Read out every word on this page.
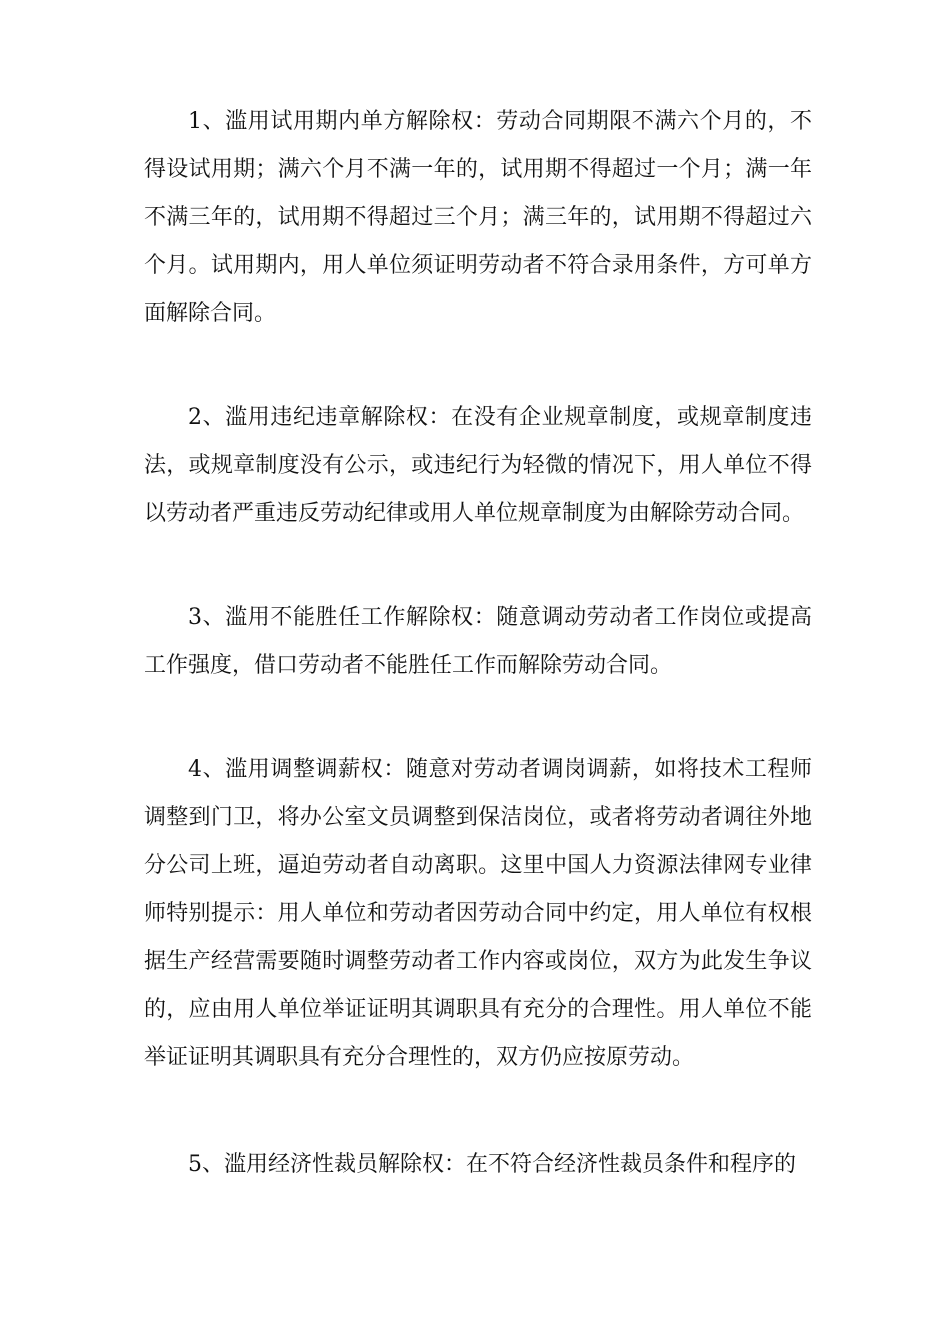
1、滥用试用期内单方解除权：劳动合同期限不满六个月的，不得设试用期；满六个月不满一年的，试用期不得超过一个月；满一年不满三年的，试用期不得超过三个月；满三年的，试用期不得超过六个月。试用期内，用人单位须证明劳动者不符合录用条件，方可单方面解除合同。

2、滥用违纪违章解除权：在没有企业规章制度，或规章制度违法，或规章制度没有公示，或违纪行为轻微的情况下，用人单位不得以劳动者严重违反劳动纪律或用人单位规章制度为由解除劳动合同。

3、滥用不能胜任工作解除权：随意调动劳动者工作岗位或提高工作强度，借口劳动者不能胜任工作而解除劳动合同。

4、滥用调整调薪权：随意对劳动者调岗调薪，如将技术工程师调整到门卫，将办公室文员调整到保洁岗位，或者将劳动者调往外地分公司上班，逼迫劳动者自动离职。这里中国人力资源法律网专业律师特别提示：用人单位和劳动者因劳动合同中约定，用人单位有权根据生产经营需要随时调整劳动者工作内容或岗位，双方为此发生争议的，应由用人单位举证证明其调职具有充分的合理性。用人单位不能举证证明其调职具有充分合理性的，双方仍应按原劳动。

5、滥用经济性裁员解除权：在不符合经济性裁员条件和程序的
